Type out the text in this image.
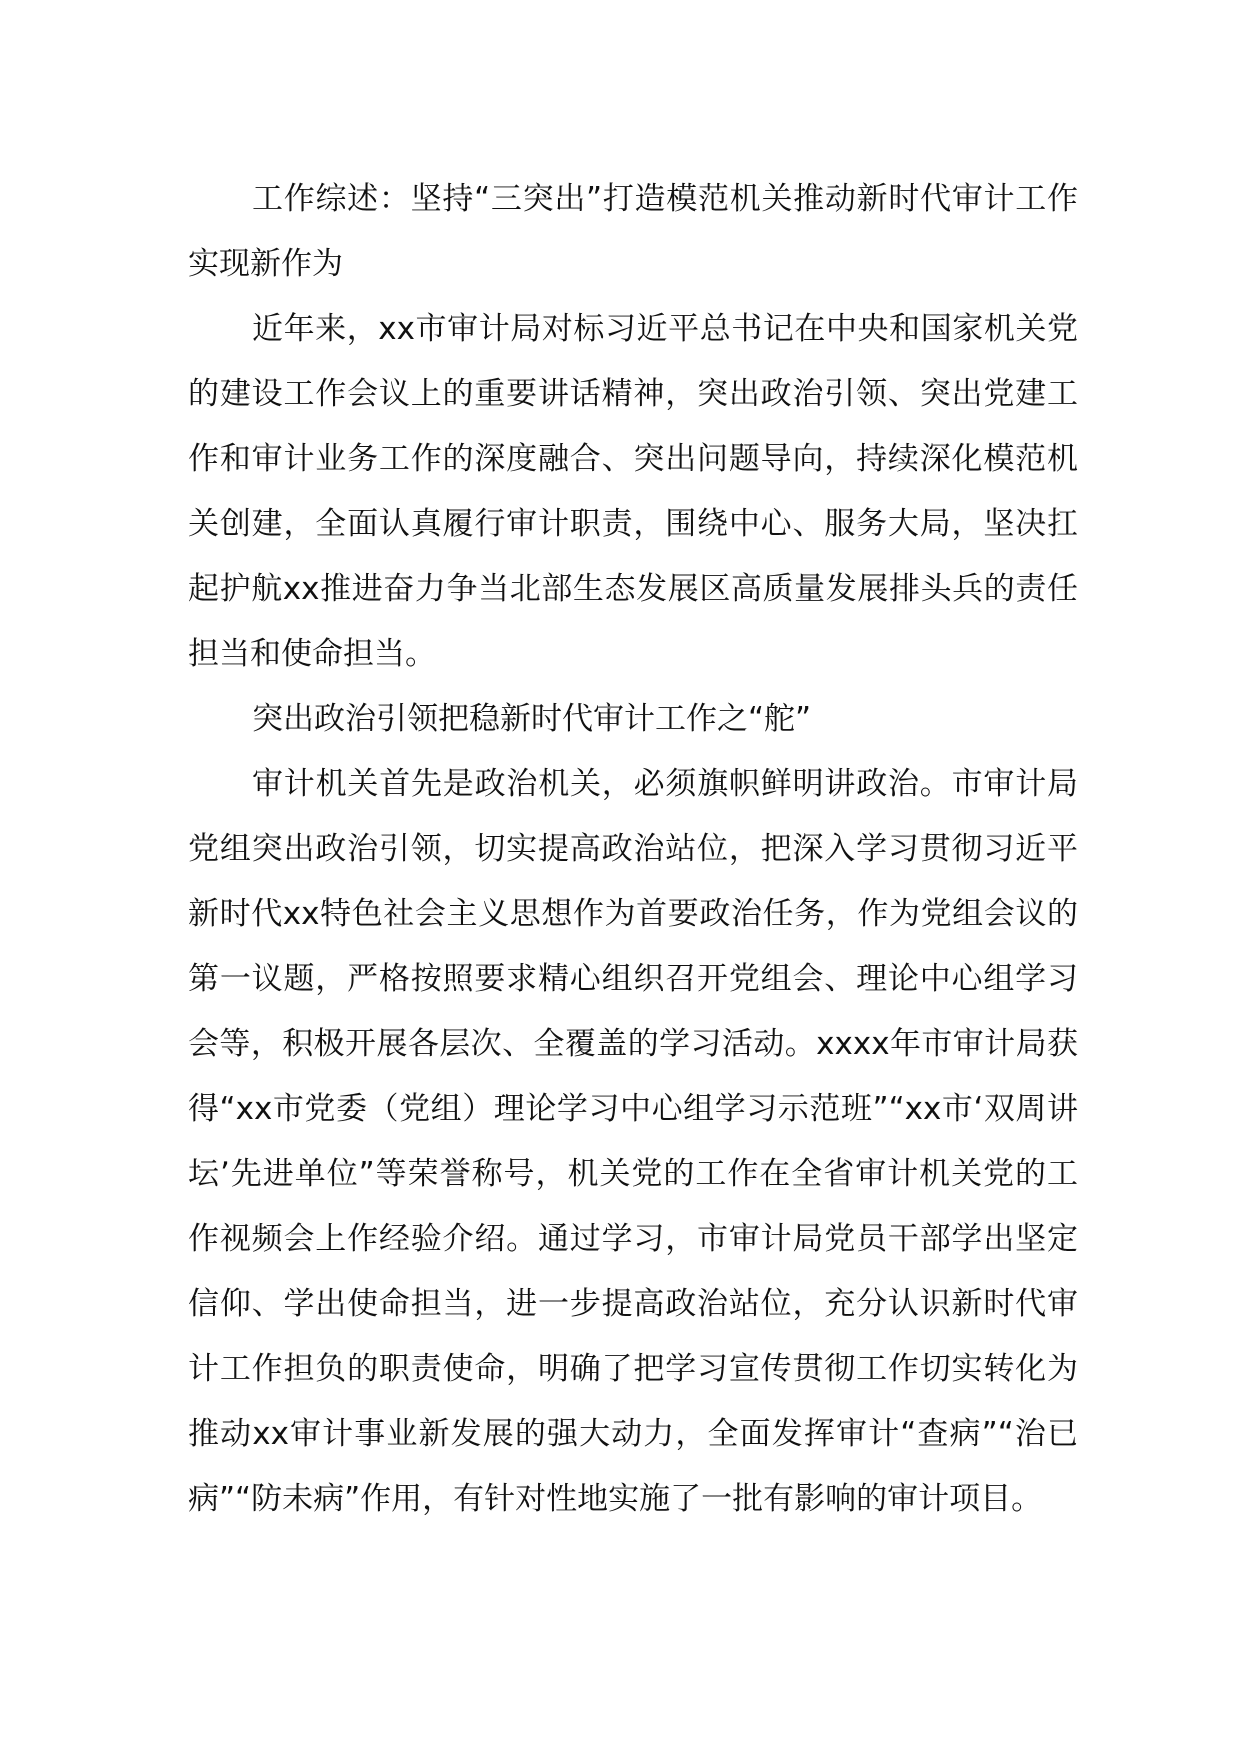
工作综述：坚持“三突出”打造模范机关推动新时代审计工作实现新作为

近年来，xx市审计局对标习近平总书记在中央和国家机关党的建设工作会议上的重要讲话精神，突出政治引领、突出党建工作和审计业务工作的深度融合、突出问题导向，持续深化模范机关创建，全面认真履行审计职责，围绕中心、服务大局，坚决扛起护航xx推进奋力争当北部生态发展区高质量发展排头兵的责任担当和使命担当。

突出政治引领把稳新时代审计工作之“舵”

审计机关首先是政治机关，必须旗帜鲜明讲政治。市审计局党组突出政治引领，切实提高政治站位，把深入学习贯彻习近平新时代xx特色社会主义思想作为首要政治任务，作为党组会议的第一议题，严格按照要求精心组织召开党组会、理论中心组学习会等，积极开展各层次、全覆盖的学习活动。xxxx年市审计局获得“xx市党委（党组）理论学习中心组学习示范班”“xx市‘双周讲坛’先进单位”等荣誉称号，机关党的工作在全省审计机关党的工作视频会上作经验介绍。通过学习，市审计局党员干部学出坚定信仰、学出使命担当，进一步提高政治站位，充分认识新时代审计工作担负的职责使命，明确了把学习宣传贯彻工作切实转化为推动xx审计事业新发展的强大动力，全面发挥审计“查病”“治已病”“防未病”作用，有针对性地实施了一批有影响的审计项目。
